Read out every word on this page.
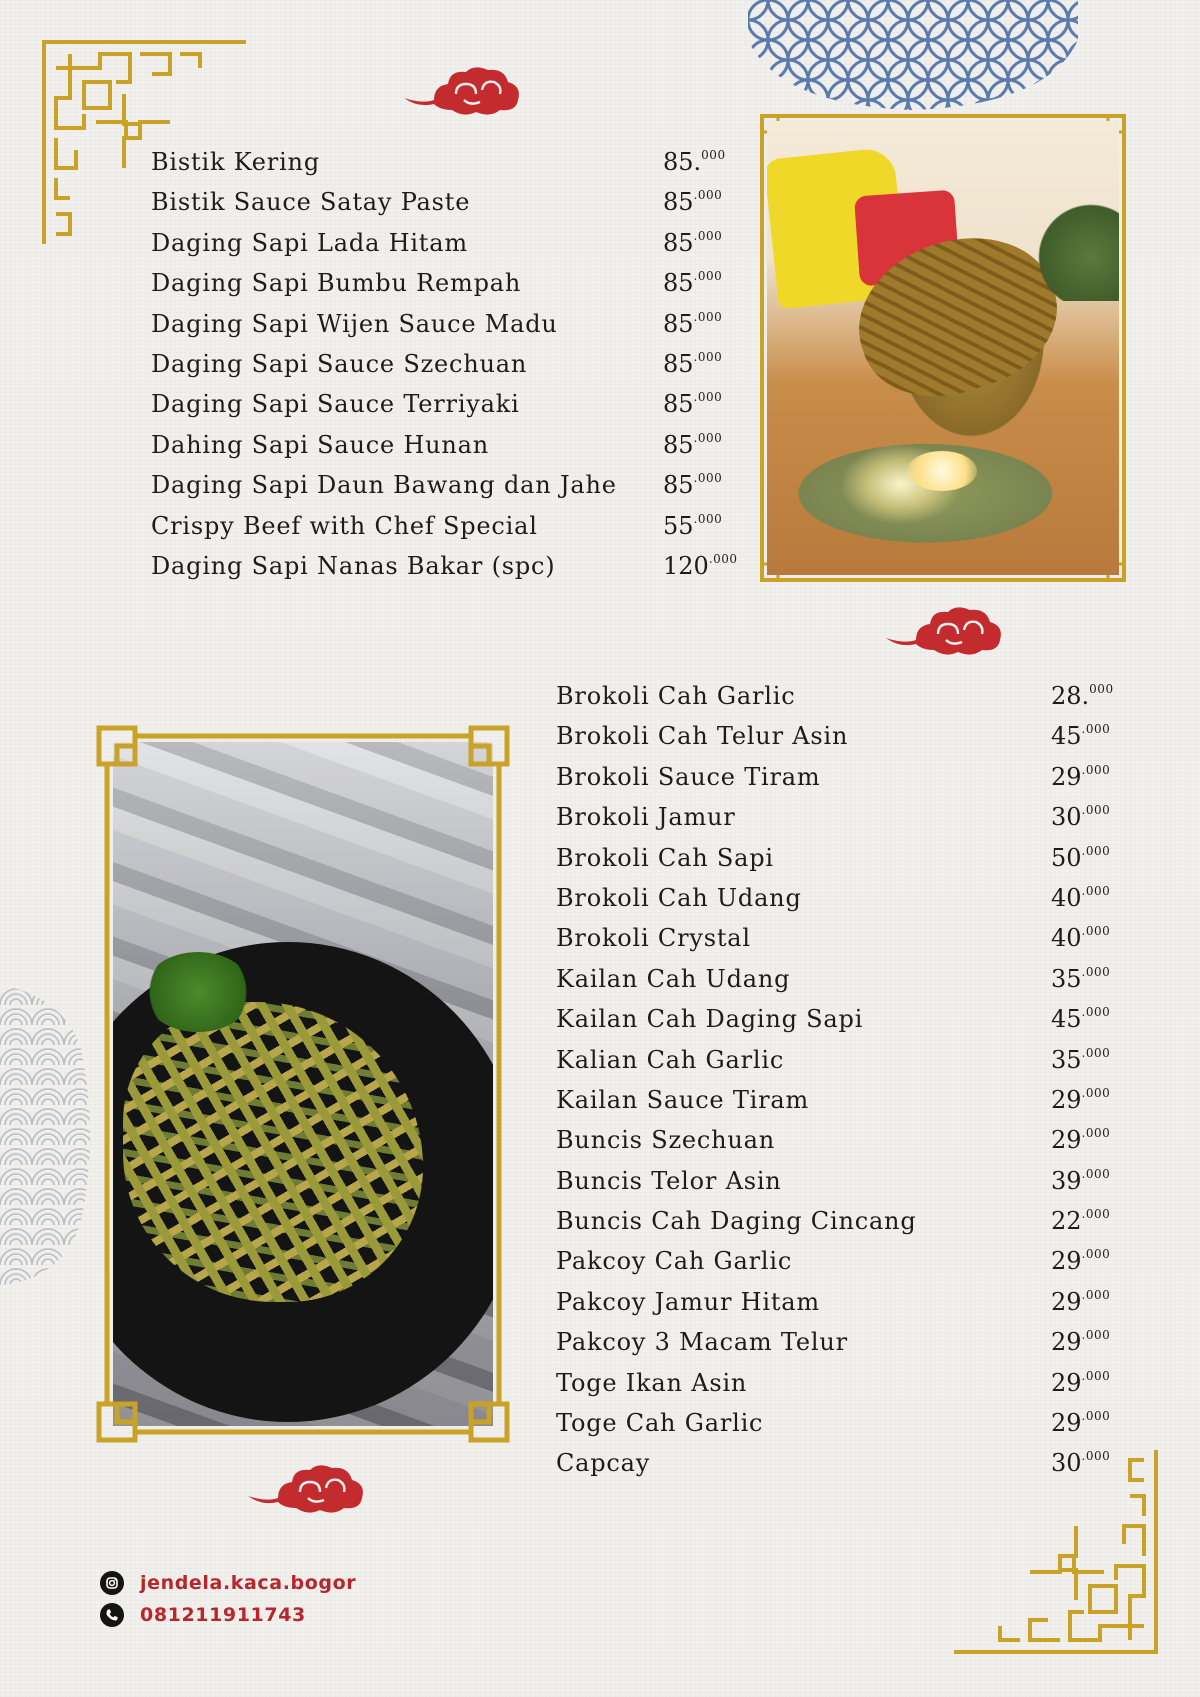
Bistik Kering	85.$^{000}$
Bistik Sauce Satay Paste	$85^{.000}$
Daging Sapi Lada Hitam	$85^{.000}$
Daging Sapi Bumbu Rempah	$85^{.000}$
Daging Sapi Wijen Sauce Madu	$85^{.000}$
Daging Sapi Sauce Szechuan	$85^{.000}$
Daging Sapi Sauce Terriyaki	$85^{.000}$
Dahing Sapi Sauce Hunan	$85^{.000}$
Daging Sapi Daun Bawang dan Jahe $85^{.000}$
Crispy Beef with Chef Special	$55^{.000}$
Daging Sapi Nanas Bakar (spc)	$120^{.000}$
Brokoli Cah Garlic	28.$^{000}$
Brokoli Cah Telur Asin	$45^{.000}$
Brokoli Sauce Tiram	$29^{.000}$
Brokoli Jamur	$30^{.000}$
Brokoli Cah Sapi	$50^{.000}$
Brokoli Cah Udang	$40^{.000}$
Brokoli Crystal	$40^{.000}$
Kailan Cah Udang	$35^{.000}$
Kailan Cah Daging Sapi	$45^{.000}$
Kalian Cah Garlic	$35^{.000}$
Kailan Sauce Tiram	$29^{.000}$
Buncis Szechuan	$29^{.000}$
Buncis Telor Asin	$39^{.000}$
Buncis Cah Daging Cincang	$22^{.000}$
Pakcoy Cah Garlic	$29^{.000}$
Pakcoy Jamur Hitam	$29^{.000}$
Pakcoy 3 Macam Telur	$29^{.000}$
Toge Ikan Asin	$29^{.000}$
Toge Cah Garlic	$29^{.000}$
Capcay	$30^{.000}$
jendela.kaca.bogor
081211911743
